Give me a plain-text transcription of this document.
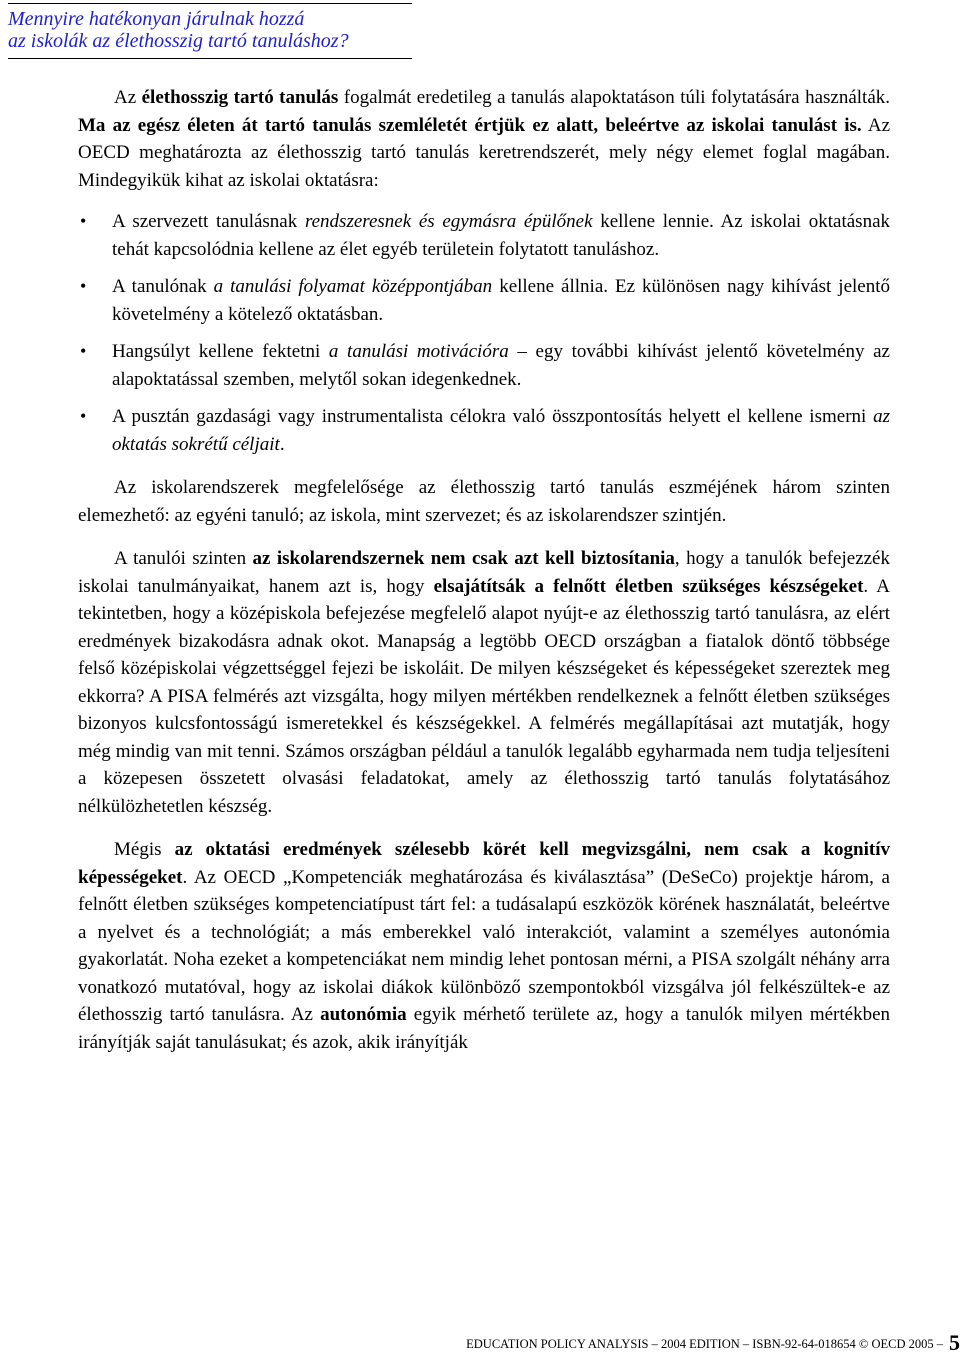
Mennyire hatékonyan járulnak hozzá
az iskolák az élethosszig tartó tanuláshoz?

Az élethosszig tartó tanulás fogalmát eredetileg a tanulás alapoktatáson túli folytatására használták. Ma az egész életen át tartó tanulás szemléletét értjük ez alatt, beleértve az iskolai tanulást is. Az OECD meghatározta az élethosszig tartó tanulás keretrendszerét, mely négy elemet foglal magában. Mindegyikük kihat az iskolai oktatásra:

• A szervezett tanulásnak rendszeresnek és egymásra épülőnek kellene lennie. Az iskolai oktatásnak tehát kapcsolódnia kellene az élet egyéb területein folytatott tanuláshoz.
• A tanulónak a tanulási folyamat középpontjában kellene állnia. Ez különösen nagy kihívást jelentő követelmény a kötelező oktatásban.
• Hangsúlyt kellene fektetni a tanulási motivációra – egy további kihívást jelentő követelmény az alapoktatással szemben, melytől sokan idegenkednek.
• A pusztán gazdasági vagy instrumentalista célokra való összpontosítás helyett el kellene ismerni az oktatás sokrétű céljait.

Az iskolarendszerek megfelelősége az élethosszig tartó tanulás eszméjének három szinten elemezhető: az egyéni tanuló; az iskola, mint szervezet; és az iskolarendszer szintjén.

A tanulói szinten az iskolarendszernek nem csak azt kell biztosítania, hogy a tanulók befejezzék iskolai tanulmányaikat, hanem azt is, hogy elsajátítsák a felnőtt életben szükséges készségeket. A tekintetben, hogy a középiskola befejezése megfelelő alapot nyújt-e az élethosszig tartó tanulásra, az elért eredmények bizakodásra adnak okot. Manapság a legtöbb OECD országban a fiatalok döntő többsége felső középiskolai végzettséggel fejezi be iskoláit. De milyen készségeket és képességeket szereztek meg ekkorra? A PISA felmérés azt vizsgálta, hogy milyen mértékben rendelkeznek a felnőtt életben szükséges bizonyos kulcsfontosságú ismeretekkel és készségekkel. A felmérés megállapításai azt mutatják, hogy még mindig van mit tenni. Számos országban például a tanulók legalább egyharmada nem tudja teljesíteni a közepesen összetett olvasási feladatokat, amely az élethosszig tartó tanulás folytatásához nélkülözhetetlen készség.

Mégis az oktatási eredmények szélesebb körét kell megvizsgálni, nem csak a kognitív képességeket. Az OECD „Kompetenciák meghatározása és kiválasztása” (DeSeCo) projektje három, a felnőtt életben szükséges kompetenciatípust tárt fel: a tudásalapú eszközök körének használatát, beleértve a nyelvet és a technológiát; a más emberekkel való interakciót, valamint a személyes autonómia gyakorlatát. Noha ezeket a kompetenciákat nem mindig lehet pontosan mérni, a PISA szolgált néhány arra vonatkozó mutatóval, hogy az iskolai diákok különböző szempontokból vizsgálva jól felkészültek-e az élethosszig tartó tanulásra. Az autonómia egyik mérhető területe az, hogy a tanulók milyen mértékben irányítják saját tanulásukat; és azok, akik irányítják

EDUCATION POLICY ANALYSIS – 2004 EDITION – ISBN-92-64-018654 © OECD 2005 – 5
